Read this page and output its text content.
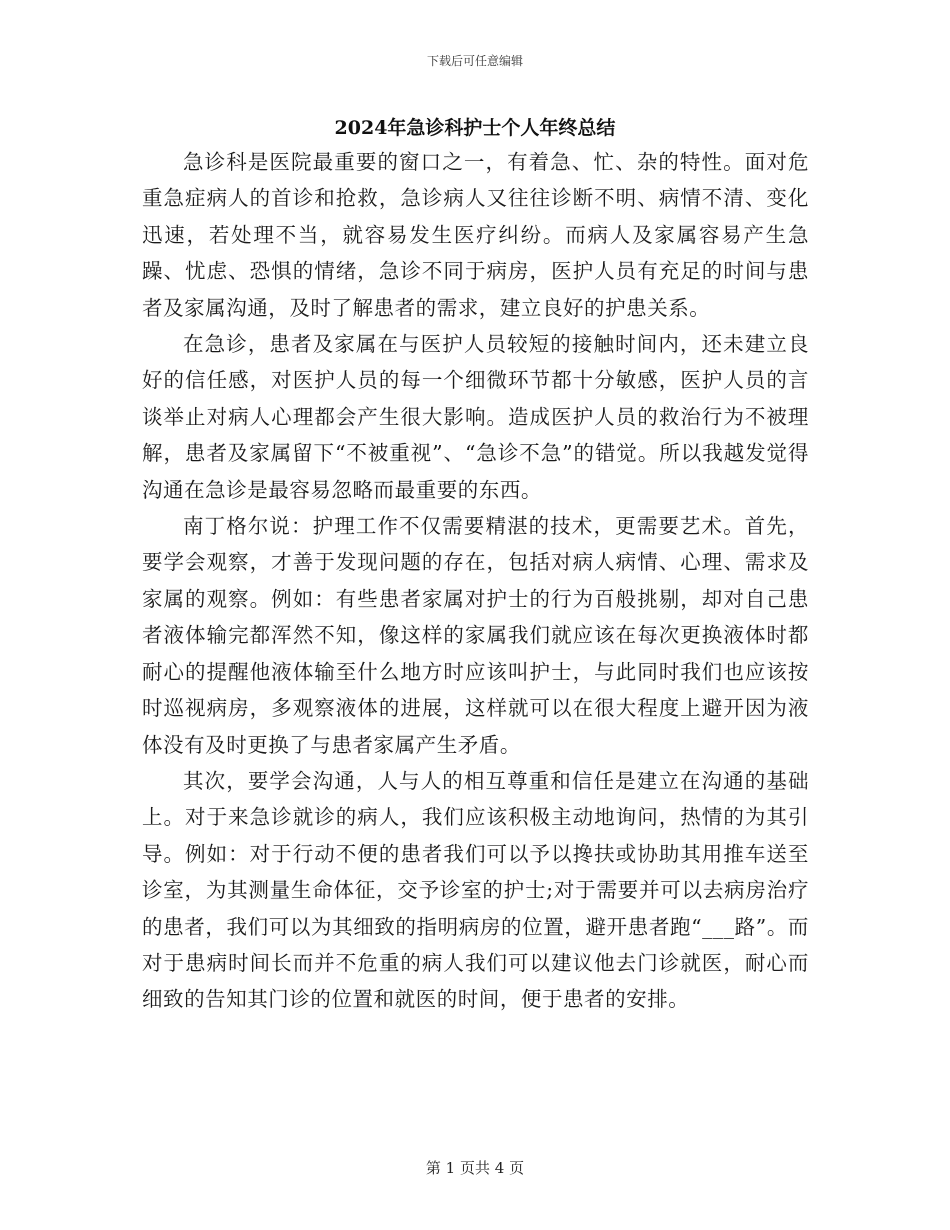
下载后可任意编辑
2024年急诊科护士个人年终总结

急诊科是医院最重要的窗口之一，有着急、忙、杂的特性。面对危重急症病人的首诊和抢救，急诊病人又往往诊断不明、病情不清、变化迅速，若处理不当，就容易发生医疗纠纷。而病人及家属容易产生急躁、忧虑、恐惧的情绪，急诊不同于病房，医护人员有充足的时间与患者及家属沟通，及时了解患者的需求，建立良好的护患关系。

在急诊，患者及家属在与医护人员较短的接触时间内，还未建立良好的信任感，对医护人员的每一个细微环节都十分敏感，医护人员的言谈举止对病人心理都会产生很大影响。造成医护人员的救治行为不被理解，患者及家属留下“不被重视”、“急诊不急”的错觉。所以我越发觉得沟通在急诊是最容易忽略而最重要的东西。

南丁格尔说：护理工作不仅需要精湛的技术，更需要艺术。首先，要学会观察，才善于发现问题的存在，包括对病人病情、心理、需求及家属的观察。例如：有些患者家属对护士的行为百般挑剔，却对自己患者液体输完都浑然不知，像这样的家属我们就应该在每次更换液体时都耐心的提醒他液体输至什么地方时应该叫护士，与此同时我们也应该按时巡视病房，多观察液体的进展，这样就可以在很大程度上避开因为液体没有及时更换了与患者家属产生矛盾。

其次，要学会沟通，人与人的相互尊重和信任是建立在沟通的基础上。对于来急诊就诊的病人，我们应该积极主动地询问，热情的为其引导。例如：对于行动不便的患者我们可以予以搀扶或协助其用推车送至诊室，为其测量生命体征，交予诊室的护士;对于需要并可以去病房治疗的患者，我们可以为其细致的指明病房的位置，避开患者跑“___路”。而对于患病时间长而并不危重的病人我们可以建议他去门诊就医，耐心而细致的告知其门诊的位置和就医的时间，便于患者的安排。

第 1 页共 4 页
